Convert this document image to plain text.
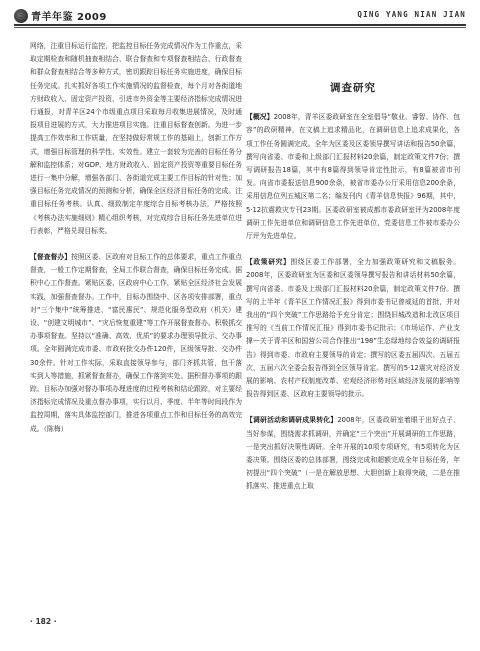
青羊年鉴 2009	QING YANG NIAN JIAN

网络，注重目标运行监控，把监控目标任务完成情况作为工作重点，采取定期检查和随机抽查相结合、联合督查和专项督查相结合、行政督查和群众督查相结合等多种方式，密切跟踪目标任务实施进度，确保目标任务完成。扎实抓好各项工作实施情况的监督检查，每个月对各街道地方财政收入、固定资产投资、引进市外资金等主要经济指标完成情况进行通报，对青羊区24个市级重点项目采取每月收集进展情况，及时通报项目进展的方式，大力推进项目实施。注重目标督查创新。为进一步提高工作效率和工作质量，在坚持做好常规工作的基础上，创新工作方式，增强目标管理的科学性、实效性。建立一套较为完善的目标任务分解和监控体系；对GDP、地方财政收入、固定资产投资等重要目标任务进行一集中分解，增强各部门、各街道完成主要工作目标的针对性；加强目标任务完成情况的预测和分析，确保全区经济目标任务的完成。注重目标任务考核。认真、细致制定年度综合目标考核办法，严格按照《考核办法实施细则》精心组织考核，对完成综合目标任务先进单位进行表彰，严格兑现目标奖。

【督查督办】按照区委、区政府对目标工作的总体要求，重点工作重点督查，一般工作定期督查，全局工作联合督查，确保目标任务完成。据积中心工作督查。紧贴区委、区政府中心工作，紧贴全区经济社会发展实践，加强督查督办。工作中，目标办围绕中、区各项安排部署，重点对“三个集中”统筹推进、“富民惠民”、规范化服务型政府（机关）建设、“创建文明城市”、“灾后恢复重建”等工作开展督查督办。积极抓交办事项督查。坚持以“准确、高效、优质”的要求办理领导批示、交办事项。全年圆满完成市委、市政府批交办件120件，区级领导批、交办件30余件。针对工作实际，采取直接领导参与，部门齐抓共管，包干落实到人等措施，抓紧督查督办，确保工作落到实处。据积督办事项的跟踪。目标办加强对督办事项办理进度的过程考核和结论跟踪，对主要经济指标完成情况及重点督办事项，实行以月、季度、半年等时间段作为监控周期，落实具体监控部门，推进各项重点工作和目标任务的高效完成。（陈梅）

调查研究

【概况】2008年，青羊区委政研室在全室倡导“敬业、睿智、协作、包容”的政研精神，在文稿上追求精品化，在调研信息上追求成果化，各项工作任务圆满完成。全年为区委及区委领导撰写讲话和报告50余篇，撰写向省委、市委和上级部门汇报材料20余篇，制定政策文件7份；撰写调研报告18篇，其中有8篇得到领导肯定性批示，有8篇被省市刊发。向省市委报送信息900余条，被省市委办公厅采用信息200余条，采用信息位列五城区第二名；编发刊内《青羊信息快报》96期，其中，5·12抗震救灾专刊23期。区委政研室被成都市委政研室评为2008年度调研工作先进单位和调研信息工作先进单位，党委信息工作被市委办公厅评为先进单位。

【政策研究】围绕区委工作部署，全力加强政策研究和文稿服务。2008年，区委政研室为区委和区委领导撰写报告和讲话材料50余篇，撰写向省委、市委及上级部门汇报材料20余篇，制定政策文件7份。撰写的上半年《青羊区工作情况汇报》得到市委书记曾威延的首批，并对我出的“四个突破”工作思路给予充分肯定；围绕旧城改造和北改区项目推写的《当前工作情况汇报》得到市委书记批示；《市场运作、产业支撑—关于青羊区和国营公司合作推出“198”生态绿地综合效益的调研报告》得到市委、市政府主要领导的肯定；撰写的区委五届四次、五届五次、五届六次全委会报告得到全区领导肯定。撰写的5·12震灾对经济发展的影响、农村产权制度改革、宏观经济形势对区域经济发展的影响等报告得到区委、区政府主要领导的批示。

【调研活动和调研成果转化】2008年，区委政研室着眼于出好点子、当好参谋，围绕需求抓调研，并确定“三个突出”开展调研的工作思路，一是突出抓好决策性调研。全年开展的10项专项研究，有5项转化为区委决策。围绕区委的总体部署，围绕完成和超额完成全年目标任务，年初提出“四个突破”（一是在解放思想、大胆创新上取得突破，二是在推抓落实、推进重点上取

· 182 ·
